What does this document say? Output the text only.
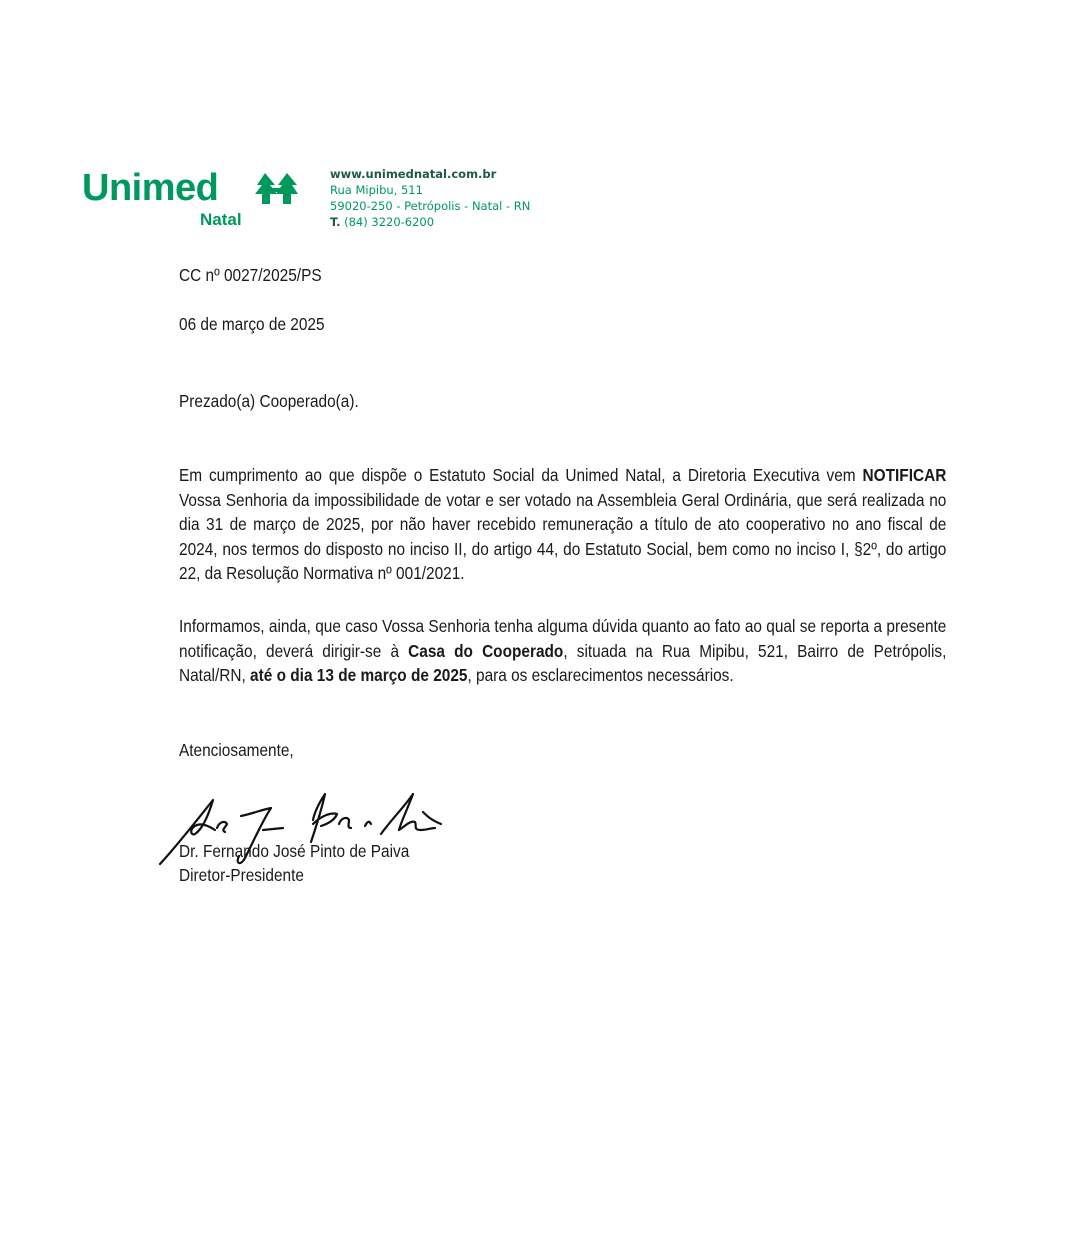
Unimed
Natal
www.unimednatal.com.br
Rua Mipibu, 511
59020-250 - Petrópolis - Natal - RN
T. (84) 3220-6200
CC nº 0027/2025/PS
06 de março de 2025
Prezado(a) Cooperado(a).
Em cumprimento ao que dispõe o Estatuto Social da Unimed Natal, a Diretoria Executiva vem NOTIFICAR Vossa Senhoria da impossibilidade de votar e ser votado na Assembleia Geral Ordinária, que será realizada no dia 31 de março de 2025, por não haver recebido remuneração a título de ato cooperativo no ano fiscal de 2024, nos termos do disposto no inciso II, do artigo 44, do Estatuto Social, bem como no inciso I, §2º, do artigo 22, da Resolução Normativa nº 001/2021.
Informamos, ainda, que caso Vossa Senhoria tenha alguma dúvida quanto ao fato ao qual se reporta a presente notificação, deverá dirigir-se à Casa do Cooperado, situada na Rua Mipibu, 521, Bairro de Petrópolis, Natal/RN, até o dia 13 de março de 2025, para os esclarecimentos necessários.
Atenciosamente,
Dr. Fernando José Pinto de Paiva
Diretor-Presidente
